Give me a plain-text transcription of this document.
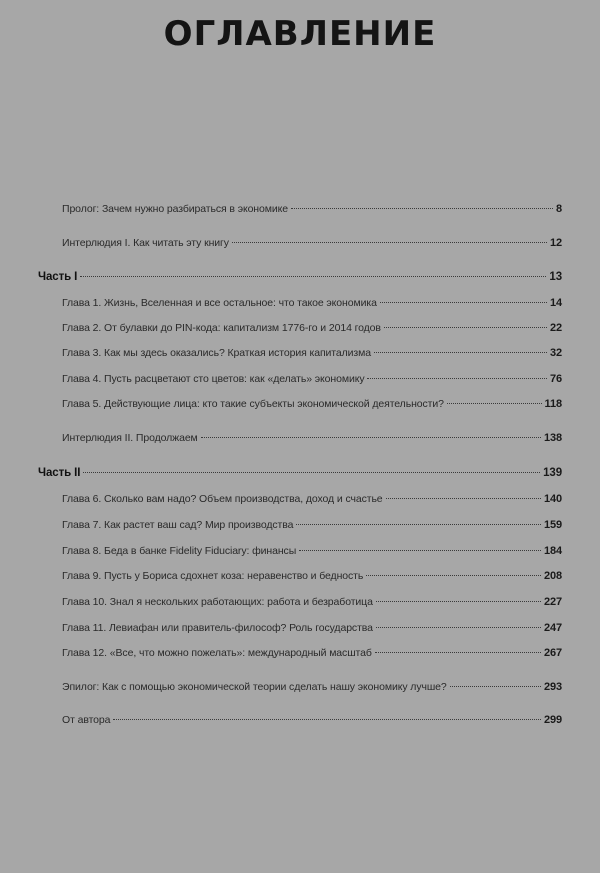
ОГЛАВЛЕНИЕ
Пролог: Зачем нужно разбираться в экономике	8
Интерлюдия I. Как читать эту книгу	12
Часть I	13
Глава 1. Жизнь, Вселенная и все остальное: что такое экономика	14
Глава 2. От булавки до PIN-кода: капитализм 1776-го и 2014 годов	22
Глава 3. Как мы здесь оказались? Краткая история капитализма	32
Глава 4. Пусть расцветают сто цветов: как «делать» экономику	76
Глава 5. Действующие лица: кто такие субъекты экономической деятельности?	118
Интерлюдия II. Продолжаем	138
Часть II	139
Глава 6. Сколько вам надо? Объем производства, доход и счастье	140
Глава 7. Как растет ваш сад? Мир производства	159
Глава 8. Беда в банке Fidelity Fiduciary: финансы	184
Глава 9. Пусть у Бориса сдохнет коза: неравенство и бедность	208
Глава 10. Знал я нескольких работающих: работа и безработица	227
Глава 11. Левиафан или правитель-философ? Роль государства	247
Глава 12. «Все, что можно пожелать»: международный масштаб	267
Эпилог: Как с помощью экономической теории сделать нашу экономику лучше?	293
От автора	299
